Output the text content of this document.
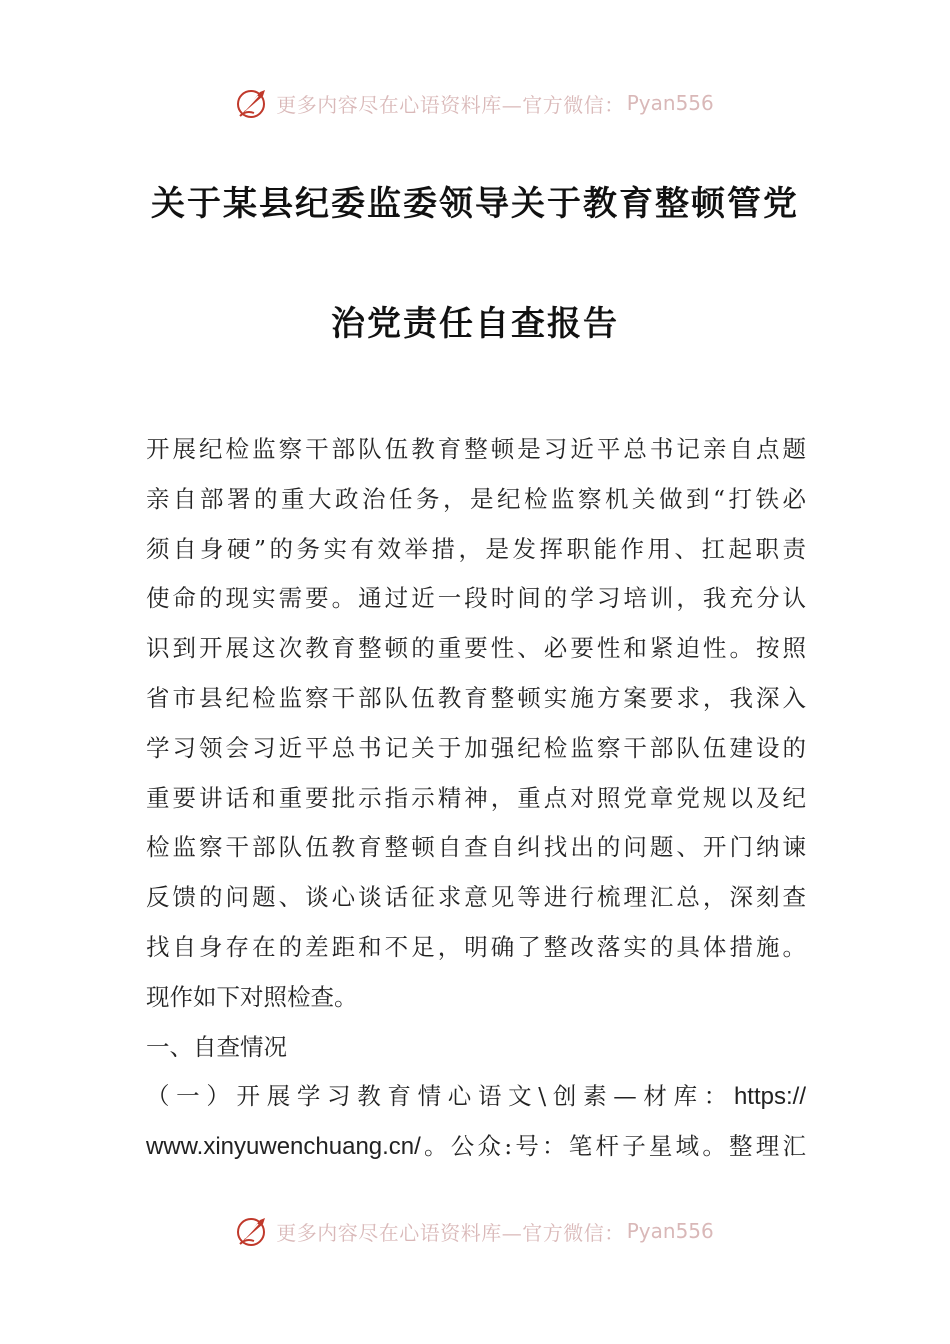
更多内容尽在心语资料库—官方微信： Pyan556
关于某县纪委监委领导关于教育整顿管党
治党责任自查报告
开展纪检监察干部队伍教育整顿是习近平总书记亲自点题
亲自部署的重大政治任务，是纪检监察机关做到“打铁必
须自身硬”的务实有效举措，是发挥职能作用、扛起职责
使命的现实需要。通过近一段时间的学习培训，我充分认
识到开展这次教育整顿的重要性、必要性和紧迫性。按照
省市县纪检监察干部队伍教育整顿实施方案要求，我深入
学习领会习近平总书记关于加强纪检监察干部队伍建设的
重要讲话和重要批示指示精神，重点对照党章党规以及纪
检监察干部队伍教育整顿自查自纠找出的问题、开门纳谏
反馈的问题、谈心谈话征求意见等进行梳理汇总，深刻查
找自身存在的差距和不足，明确了整改落实的具体措施。
现作如下对照检查。
一、自查情况
（一）开展学习教育情心语文\创素—材库：https://
www.xinyuwenchuang.cn/。公众:号：笔杆子星域。整理汇
更多内容尽在心语资料库—官方微信： Pyan556
